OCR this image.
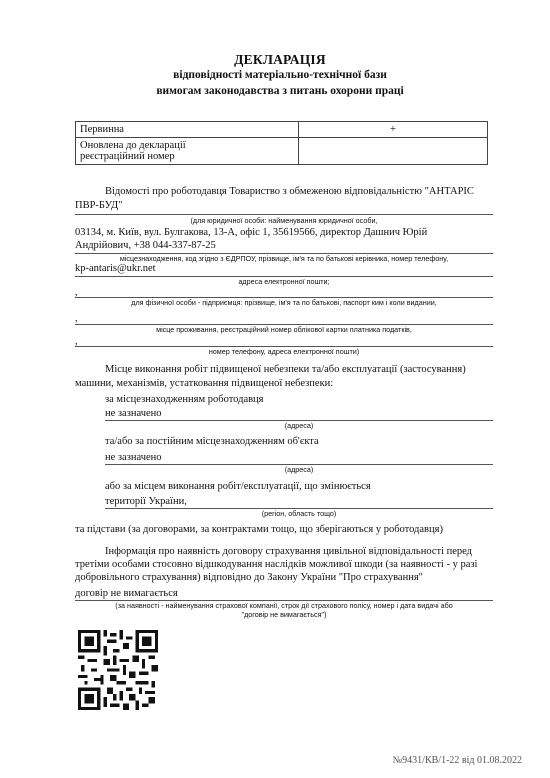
ДЕКЛАРАЦІЯ
відповідності матеріально-технічної бази
вимогам законодавства з питань охорони праці
Первинна	+

Оновлена до декларації
реєстраційний номер	

Відомості про роботодавця Товариство з обмеженою відповідальністю "АНТАРІС
ПВР-БУД"
(для юридичної особи: найменування юридичної особи,
03134, м. Київ, вул. Булгакова, 13-А, офіс 1, 35619566, директор Дашнич Юрій
Андрійович, +38 044-337-87-25
місцезнаходження, код згідно з ЄДРПОУ, прізвище, ім'я та по батькові керівника, номер телефону,
kp-antaris@ukr.net
адреса електронної пошти;
,
для фізичної особи - підприємця: прізвище, ім'я та по батькові, паспорт ким і коли видании,
,
місце проживання, реєстраційний номер облікової картки платника податків,
,
номер телефону, адреса електронної пошти)
Місце виконання робіт підвищеної небезпеки та/або експлуатації (застосування)
машини, механізмів, устатковання підвищеної небезпеки:
за місцезнаходженням роботодавця
не зазначено
(адреса)
та/або за постійним місцезнаходженням об'єкта
не зазначено
(адреса)
або за місцем виконання робіт/експлуатації, що змінюється
території України,
(регіон, область тощо)
та підстави (за договорами, за контрактами тощо, що зберігаються у роботодавця)
Інформація про наявність договору страхування цивільної відповідальності перед
третіми особами стосовно відшкодування наслідків можливої шкоди (за наявності - у разі
добровільного страхування) відповідно до Закону України "Про страхування"
договір не вимагається
(за наявності - найменування страхової компанії, строк дії страхового полісу, номер і дата видачі або
"договір не вимагається")
№9431/КВ/1-22 від 01.08.2022
